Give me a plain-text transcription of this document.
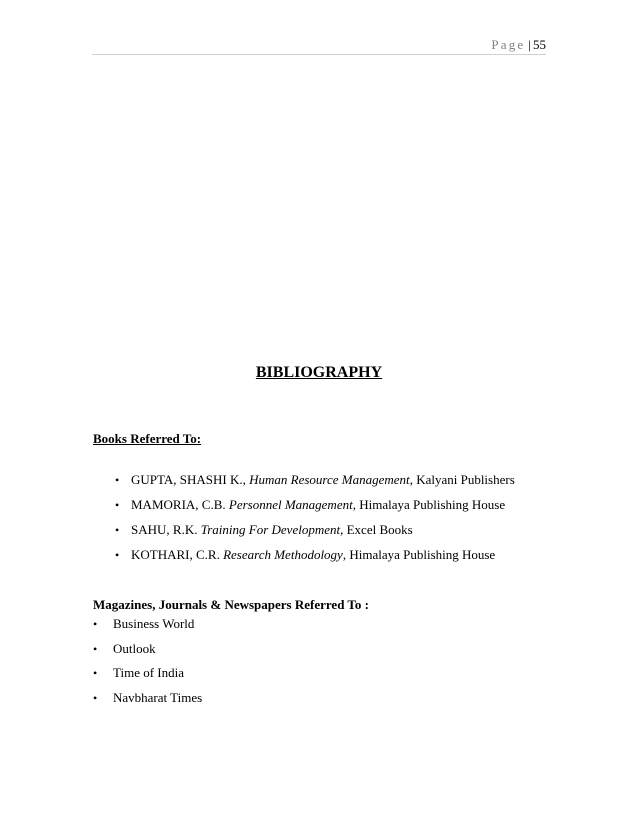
Page | 55
BIBLIOGRAPHY
Books Referred To:
• GUPTA, SHASHI K., Human Resource Management, Kalyani Publishers
• MAMORIA, C.B. Personnel Management, Himalaya Publishing House
• SAHU, R.K. Training For Development, Excel Books
• KOTHARI, C.R. Research Methodology, Himalaya Publishing House
Magazines, Journals & Newspapers Referred To :
• Business World
• Outlook
• Time of India
• Navbharat Times
